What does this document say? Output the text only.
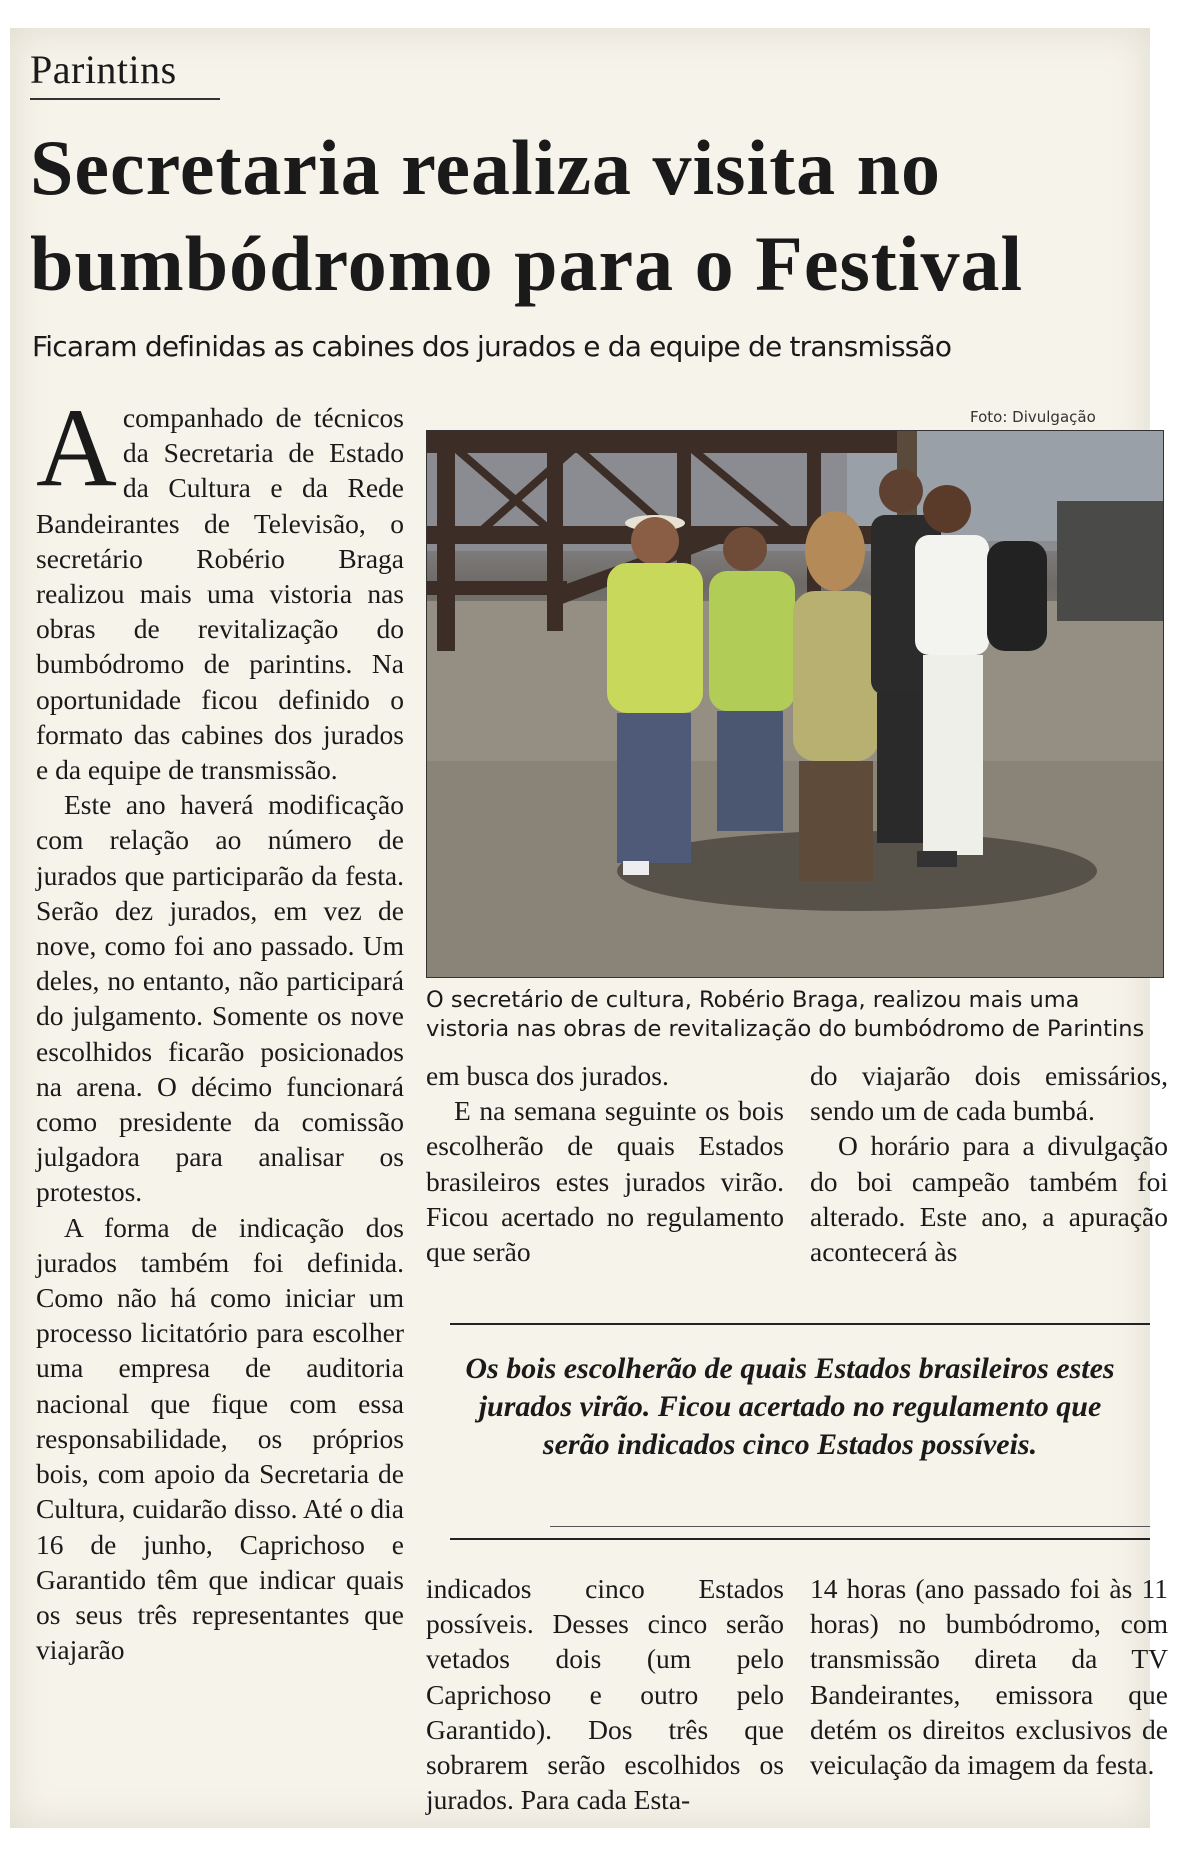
Parintins
Secretaria realiza visita no
bumbódromo para o Festival
Ficaram definidas as cabines dos jurados e da equipe de transmissão

Acompanhado de técnicos da Secretaria de Estado da Cultura e da Rede Bandeirantes de Televisão, o secretário Robério Braga realizou mais uma vistoria nas obras de revitalização do bumbódromo de parintins. Na oportunidade ficou definido o formato das cabines dos jurados e da equipe de transmissão.

Este ano haverá modificação com relação ao número de jurados que participarão da festa. Serão dez jurados, em vez de nove, como foi ano passado. Um deles, no entanto, não participará do julgamento. Somente os nove escolhidos ficarão posicionados na arena. O décimo funcionará como presidente da comissão julgadora para analisar os protestos.

A forma de indicação dos jurados também foi definida. Como não há como iniciar um processo licitatório para escolher uma empresa de auditoria nacional que fique com essa responsabilidade, os próprios bois, com apoio da Secretaria de Cultura, cuidarão disso. Até o dia 16 de junho, Caprichoso e Garantido têm que indicar quais os seus três representantes que viajarão

Foto: Divulgação
O secretário de cultura, Robério Braga, realizou mais uma vistoria nas obras de revitalização do bumbódromo de Parintins

em busca dos jurados.

E na semana seguinte os bois escolherão de quais Estados brasileiros estes jurados virão. Ficou acertado no regulamento que serão

do viajarão dois emissários, sendo um de cada bumbá.

O horário para a divulgação do boi campeão também foi alterado. Este ano, a apuração acontecerá às

Os bois escolherão de quais Estados brasileiros estes jurados virão. Ficou acertado no regulamento que serão indicados cinco Estados possíveis.

indicados cinco Estados possíveis. Desses cinco serão vetados dois (um pelo Caprichoso e outro pelo Garantido). Dos três que sobrarem serão escolhidos os jurados. Para cada Esta-

14 horas (ano passado foi às 11 horas) no bumbódromo, com transmissão direta da TV Bandeirantes, emissora que detém os direitos exclusivos de veiculação da imagem da festa.
